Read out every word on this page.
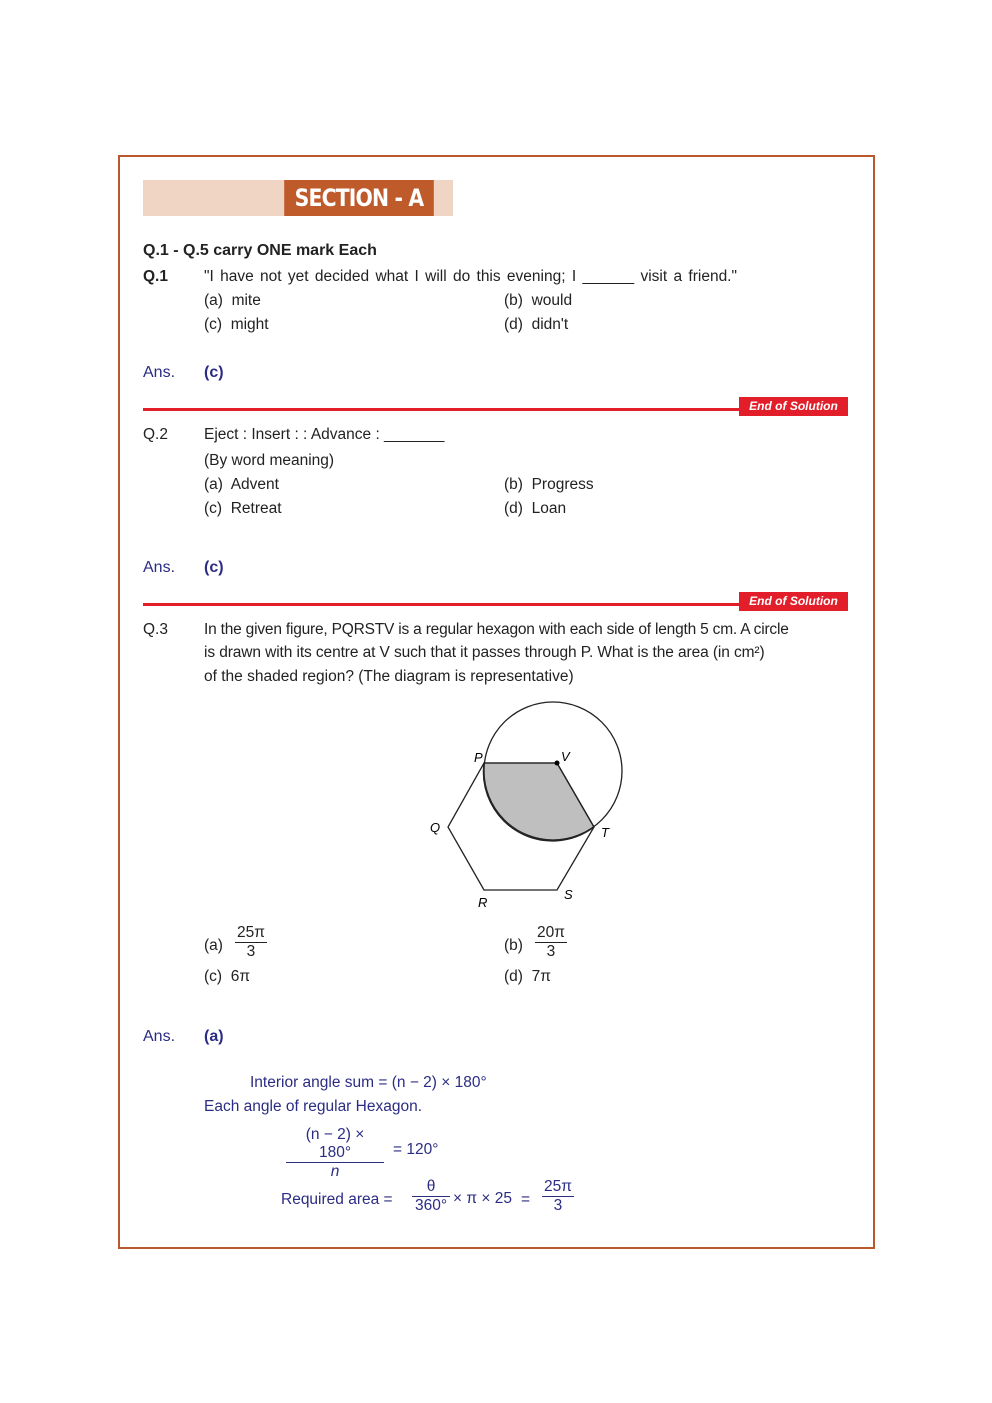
SECTION - A
Q.1 - Q.5 carry ONE mark Each
Q.1 "I have not yet decided what I will do this evening; I ______ visit a friend."
(a) mite	(b) would
(c) might	(d) didn't
Ans. (c)
End of Solution
Q.2 Eject : Insert : : Advance : _______
(By word meaning)
(a) Advent	(b) Progress
(c) Retreat	(d) Loan
Ans. (c)
End of Solution
Q.3 In the given figure, PQRSTV is a regular hexagon with each side of length 5 cm. A circle
is drawn with its centre at V such that it passes through P. What is the area (in cm²)
of the shaded region? (The diagram is representative)
P	V
Q	T
R
S
$(a) \frac{25\pi}{3}$	$(b) \frac{20\pi}{3}$
(c) 6π	(d) 7π
Ans. (a)
Interior angle sum = (n − 2) × 180°
Each angle of regular Hexagon.
$\frac{(n - 2) \times 180^\circ}{n} = 120^\circ$
Required area = $\frac{\theta}{360^\circ} \times \pi \times 25 = \frac{25\pi}{3}$
